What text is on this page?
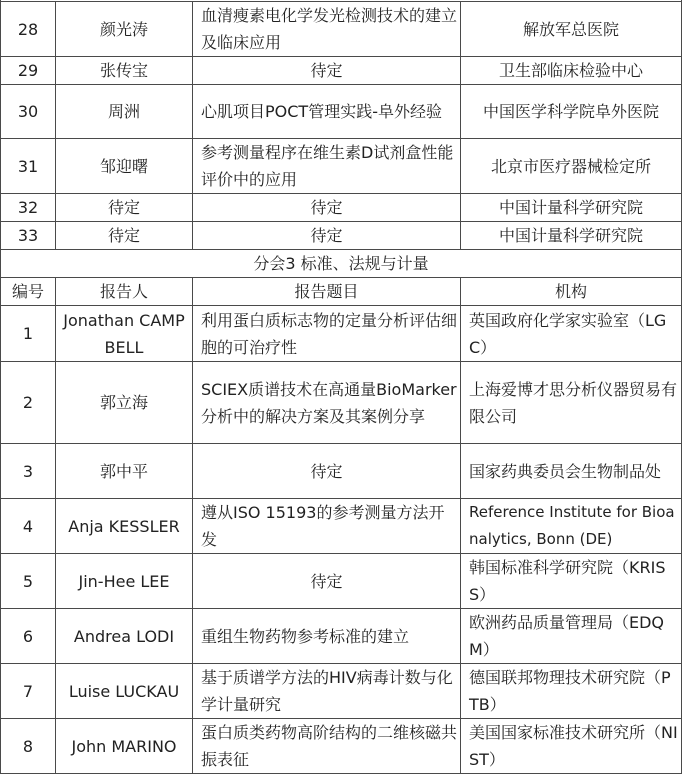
28	颜光涛	血清瘦素电化学发光检测技术的建立及临床应用	解放军总医院
29	张传宝	待定	卫生部临床检验中心
30	周洲	心肌项目POCT管理实践-阜外经验	中国医学科学院阜外医院
31	邹迎曙	参考测量程序在维生素D试剂盒性能评价中的应用	北京市医疗器械检定所
32	待定	待定	中国计量科学研究院
33	待定	待定	中国计量科学研究院
分会3 标准、法规与计量			
编号	报告人	报告题目	机构
1	Jonathan CAMPBELL	利用蛋白质标志物的定量分析评估细胞的可治疗性	英国政府化学家实验室（LGC）
2	郭立海	SCIEX质谱技术在高通量BioMarker分析中的解决方案及其案例分享	上海爱博才思分析仪器贸易有限公司
3	郭中平	待定	国家药典委员会生物制品处
4	Anja KESSLER	遵从ISO 15193的参考测量方法开发	Reference Institute for Bioanalytics, Bonn (DE)
5	Jin-Hee LEE	待定	韩国标准科学研究院（KRISS）
6	Andrea LODI	重组生物药物参考标准的建立	欧洲药品质量管理局（EDQM）
7	Luise LUCKAU	基于质谱学方法的HIV病毒计数与化学计量研究	德国联邦物理技术研究院（PTB）
8	John MARINO	蛋白质类药物高阶结构的二维核磁共振表征	美国国家标准技术研究所（NIST）
